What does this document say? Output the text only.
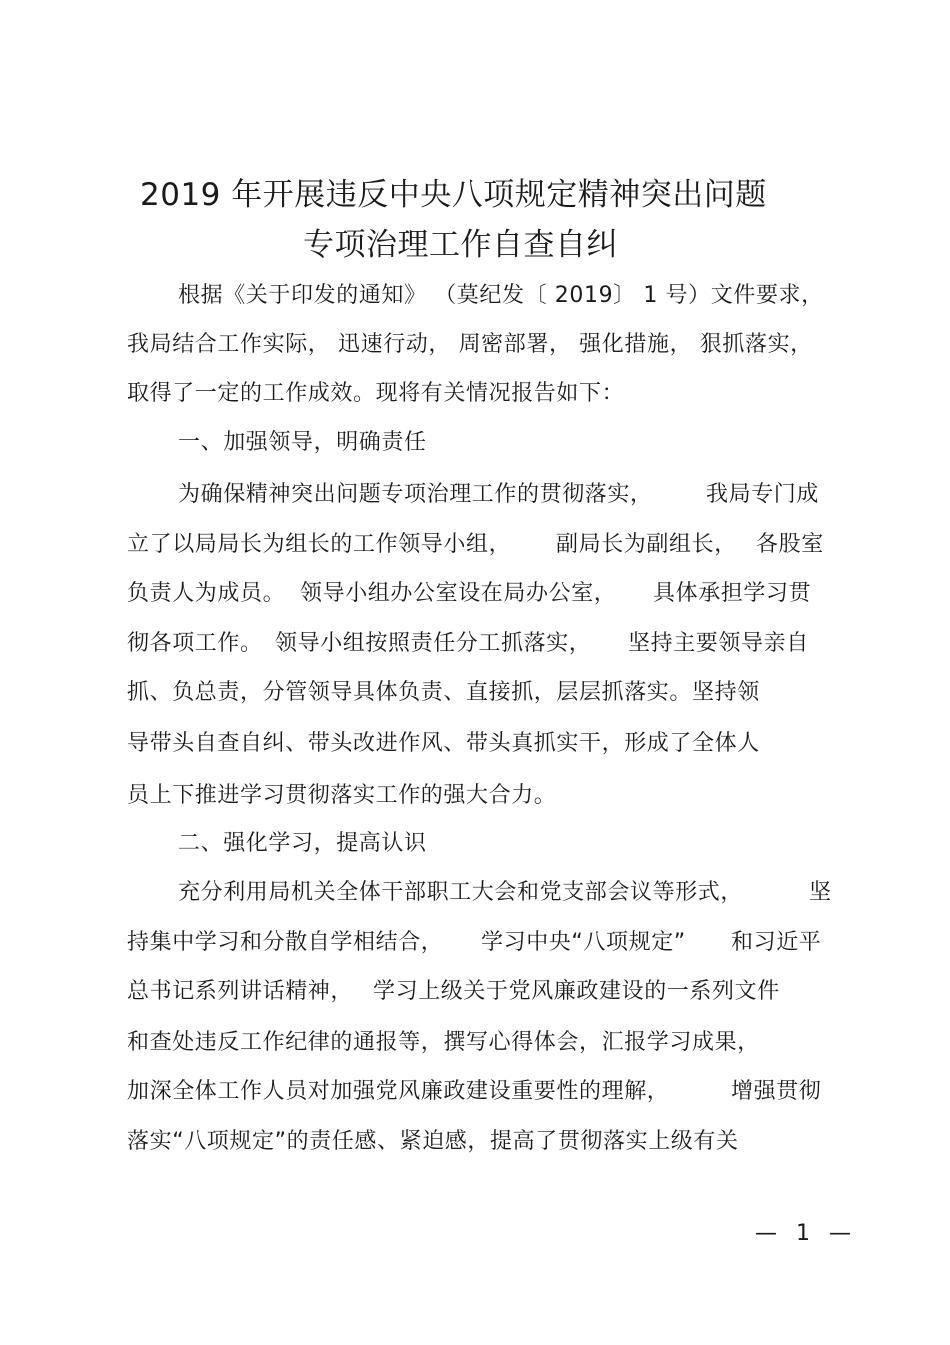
2019 年开展违反中央八项规定精神突出问题
专项治理工作自查自纠
根据《关于印发的通知》 （莫纪发〔 2019〕 1 号）文件要求，
我局结合工作实际， 迅速行动， 周密部署， 强化措施， 狠抓落实，
取得了一定的工作成效。现将有关情况报告如下：
一、加强领导，明确责任
为确保精神突出问题专项治理工作的贯彻落实， 我局专门成
立了以局局长为组长的工作领导小组， 副局长为副组长， 各股室
负责人为成员。 领导小组办公室设在局办公室， 具体承担学习贯
彻各项工作。 领导小组按照责任分工抓落实， 坚持主要领导亲自
抓、负总责，分管领导具体负责、直接抓，层层抓落实。坚持领
导带头自查自纠、带头改进作风、带头真抓实干，形成了全体人
员上下推进学习贯彻落实工作的强大合力。
二、强化学习，提高认识
充分利用局机关全体干部职工大会和党支部会议等形式，	坚
持集中学习和分散自学相结合， 学习中央“八项规定” 和习近平
总书记系列讲话精神， 学习上级关于党风廉政建设的一系列文件
和查处违反工作纪律的通报等，撰写心得体会，汇报学习成果，
加深全体工作人员对加强党风廉政建设重要性的理解，	增强贯彻
落实“八项规定”的责任感、紧迫感，提高了贯彻落实上级有关
— 1 —
